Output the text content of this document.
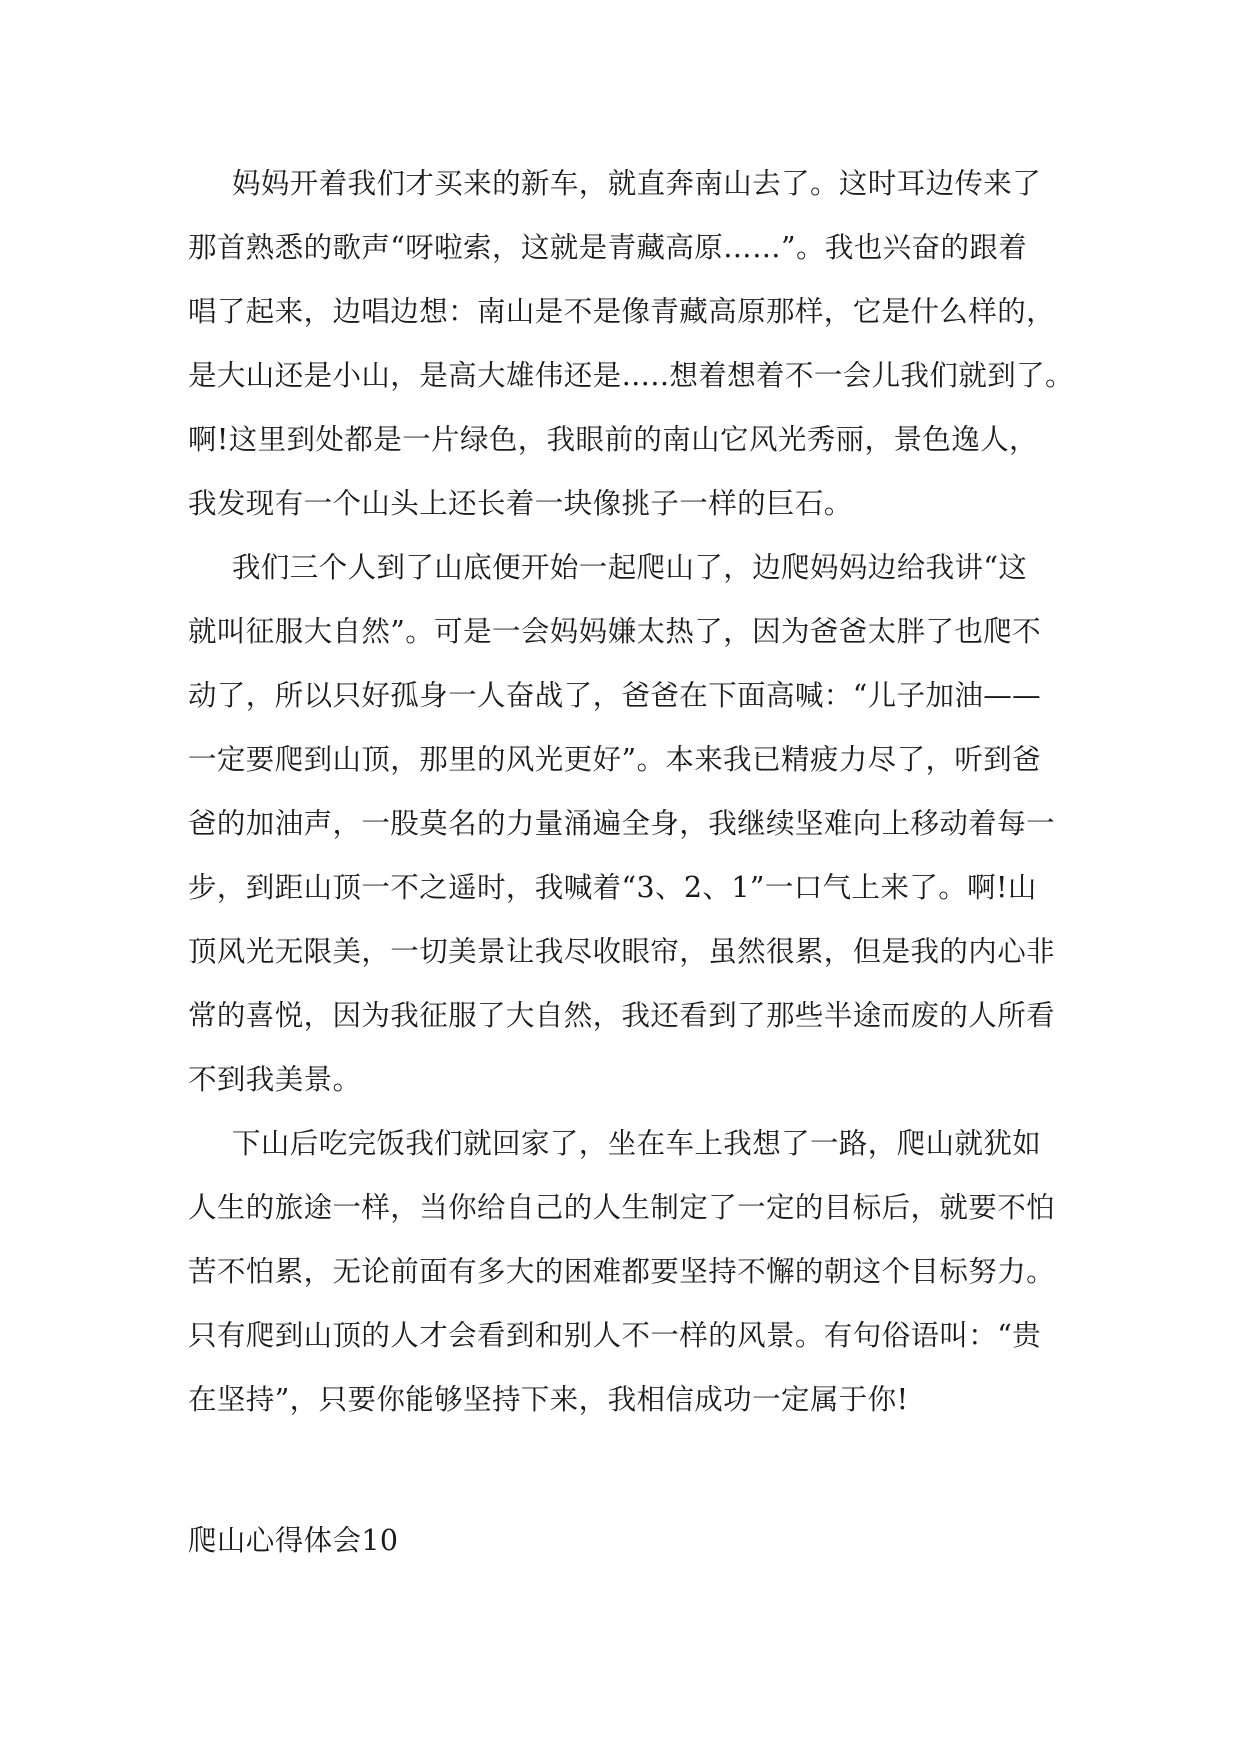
妈妈开着我们才买来的新车，就直奔南山去了。这时耳边传来了
那首熟悉的歌声“呀啦索，这就是青藏高原……”。我也兴奋的跟着
唱了起来，边唱边想：南山是不是像青藏高原那样，它是什么样的，
是大山还是小山，是高大雄伟还是…..想着想着不一会儿我们就到了。
啊!这里到处都是一片绿色，我眼前的南山它风光秀丽，景色逸人，
我发现有一个山头上还长着一块像挑子一样的巨石。
我们三个人到了山底便开始一起爬山了，边爬妈妈边给我讲“这
就叫征服大自然”。可是一会妈妈嫌太热了，因为爸爸太胖了也爬不
动了，所以只好孤身一人奋战了，爸爸在下面高喊：“儿子加油——
一定要爬到山顶，那里的风光更好”。本来我已精疲力尽了，听到爸
爸的加油声，一股莫名的力量涌遍全身，我继续坚难向上移动着每一
步，到距山顶一不之遥时，我喊着“3、2、1”一口气上来了。啊!山
顶风光无限美，一切美景让我尽收眼帘，虽然很累，但是我的内心非
常的喜悦，因为我征服了大自然，我还看到了那些半途而废的人所看
不到我美景。
下山后吃完饭我们就回家了，坐在车上我想了一路，爬山就犹如
人生的旅途一样，当你给自己的人生制定了一定的目标后，就要不怕
苦不怕累，无论前面有多大的困难都要坚持不懈的朝这个目标努力。
只有爬到山顶的人才会看到和别人不一样的风景。有句俗语叫：“贵
在坚持”，只要你能够坚持下来，我相信成功一定属于你!
爬山心得体会10
